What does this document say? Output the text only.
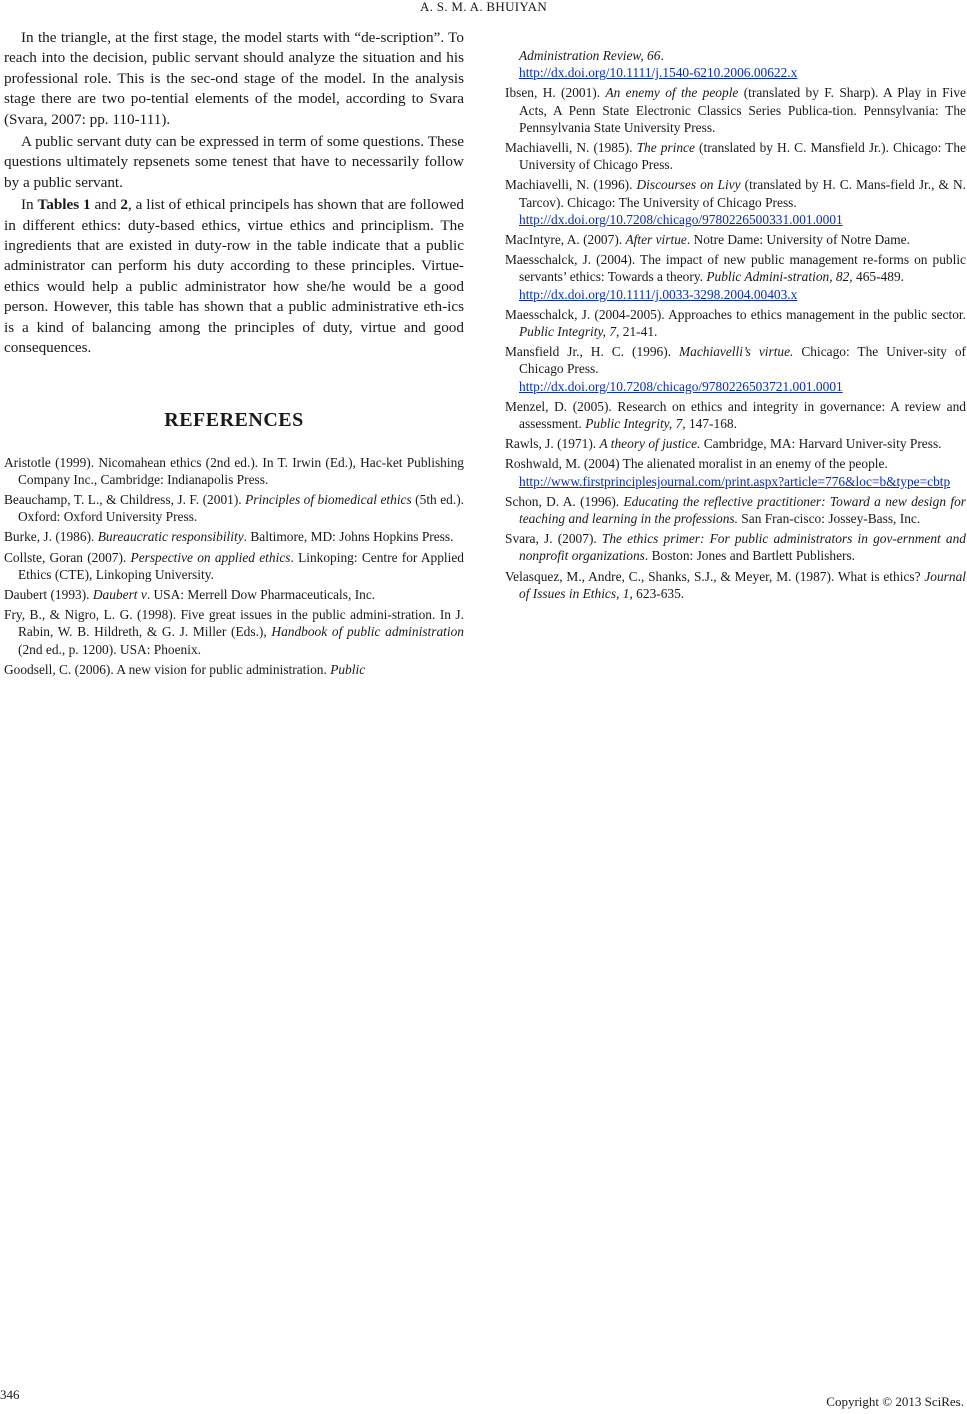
A. S. M. A. BHUIYAN

In the triangle, at the first stage, the model starts with “de-scription”. To reach into the decision, public servant should analyze the situation and his professional role. This is the sec-ond stage of the model. In the analysis stage there are two po-tential elements of the model, according to Svara (Svara, 2007: pp. 110-111).

A public servant duty can be expressed in term of some questions. These questions ultimately repsenets some tenest that have to necessarily follow by a public servant.

In Tables 1 and 2, a list of ethical principels has shown that are followed in different ethics: duty-based ethics, virtue ethics and principlism. The ingredients that are existed in duty-row in the table indicate that a public administrator can perform his duty according to these principles. Virtue-ethics would help a public administrator how she/he would be a good person. However, this table has shown that a public administrative eth-ics is a kind of balancing among the principles of duty, virtue and good consequences.

REFERENCES

Aristotle (1999). Nicomahean ethics (2nd ed.). In T. Irwin (Ed.), Hac-ket Publishing Company Inc., Cambridge: Indianapolis Press.

Beauchamp, T. L., & Childress, J. F. (2001). Principles of biomedical ethics (5th ed.). Oxford: Oxford University Press.

Burke, J. (1986). Bureaucratic responsibility. Baltimore, MD: Johns Hopkins Press.

Collste, Goran (2007). Perspective on applied ethics. Linkoping: Centre for Applied Ethics (CTE), Linkoping University.

Daubert (1993). Daubert v. USA: Merrell Dow Pharmaceuticals, Inc.

Fry, B., & Nigro, L. G. (1998). Five great issues in the public admini-stration. In J. Rabin, W. B. Hildreth, & G. J. Miller (Eds.), Handbook of public administration (2nd ed., p. 1200). USA: Phoenix.

Goodsell, C. (2006). A new vision for public administration. Public

Administration Review, 66.
http://dx.doi.org/10.1111/j.1540-6210.2006.00622.x

Ibsen, H. (2001). An enemy of the people (translated by F. Sharp). A Play in Five Acts, A Penn State Electronic Classics Series Publica-tion. Pennsylvania: The Pennsylvania State University Press.

Machiavelli, N. (1985). The prince (translated by H. C. Mansfield Jr.). Chicago: The University of Chicago Press.

Machiavelli, N. (1996). Discourses on Livy (translated by H. C. Mans-field Jr., & N. Tarcov). Chicago: The University of Chicago Press.
http://dx.doi.org/10.7208/chicago/9780226500331.001.0001

MacIntyre, A. (2007). After virtue. Notre Dame: University of Notre Dame.

Maesschalck, J. (2004). The impact of new public management re-forms on public servants’ ethics: Towards a theory. Public Admini-stration, 82, 465-489.
http://dx.doi.org/10.1111/j.0033-3298.2004.00403.x

Maesschalck, J. (2004-2005). Approaches to ethics management in the public sector. Public Integrity, 7, 21-41.

Mansfield Jr., H. C. (1996). Machiavelli’s virtue. Chicago: The Univer-sity of Chicago Press.
http://dx.doi.org/10.7208/chicago/9780226503721.001.0001

Menzel, D. (2005). Research on ethics and integrity in governance: A review and assessment. Public Integrity, 7, 147-168.

Rawls, J. (1971). A theory of justice. Cambridge, MA: Harvard Univer-sity Press.

Roshwald, M. (2004) The alienated moralist in an enemy of the people.
http://www.firstprinciplesjournal.com/print.aspx?article=776&loc=b&type=cbtp

Schon, D. A. (1996). Educating the reflective practitioner: Toward a new design for teaching and learning in the professions. San Fran-cisco: Jossey-Bass, Inc.

Svara, J. (2007). The ethics primer: For public administrators in gov-ernment and nonprofit organizations. Boston: Jones and Bartlett Publishers.

Velasquez, M., Andre, C., Shanks, S.J., & Meyer, M. (1987). What is ethics? Journal of Issues in Ethics, 1, 623-635.

346	Copyright © 2013 SciRes.
